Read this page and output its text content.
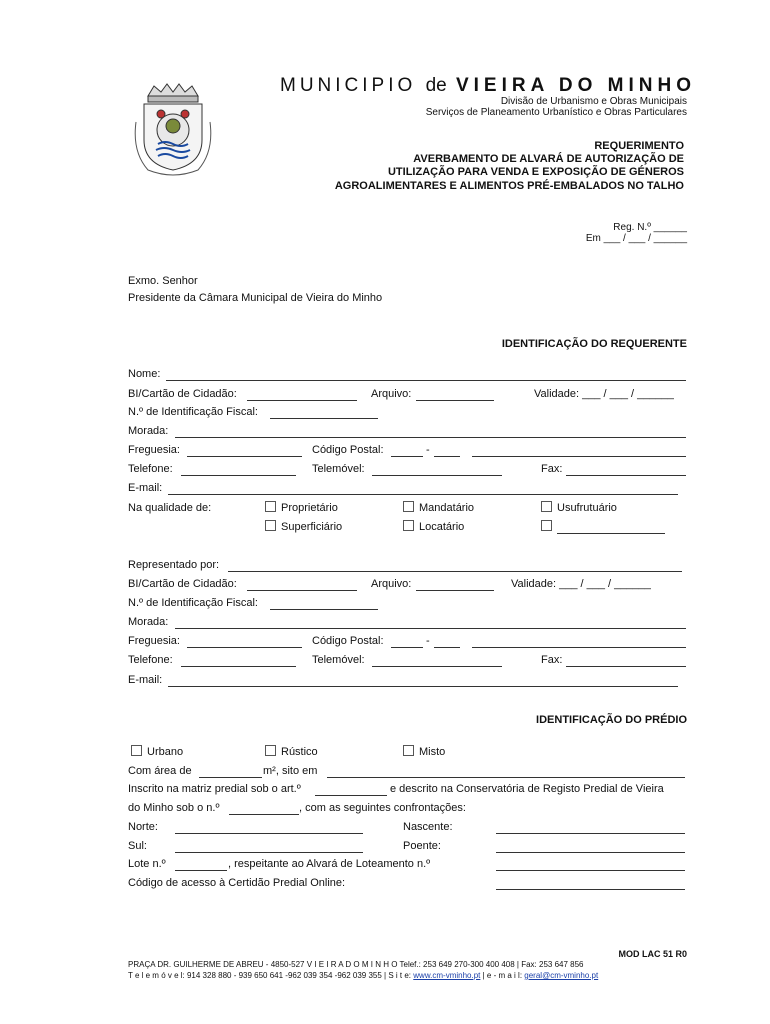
MUNICIPIO de VIEIRA DO MINHO
Divisão de Urbanismo e Obras Municipais
Serviços de Planeamento Urbanístico e Obras Particulares
REQUERIMENTO
AVERBAMENTO DE ALVARÁ DE AUTORIZAÇÃO DE
UTILIZAÇÃO PARA VENDA E EXPOSIÇÃO DE GÉNEROS
AGROALIMENTARES E ALIMENTOS PRÉ-EMBALADOS NO TALHO
Reg. N.º ______
Em ___ / ___ / ______
Exmo. Senhor
Presidente da Câmara Municipal de Vieira do Minho
IDENTIFICAÇÃO DO REQUERENTE
Nome:
BI/Cartão de Cidadão:	Arquivo:	Validade: ___ / ___ / ______
N.º de Identificação Fiscal:
Morada:
Freguesia:	Código Postal:	-
Telefone:	Telemóvel:	Fax:
E-mail:
Na qualidade de:	Proprietário	Mandatário	Usufrutuário
Superficiário	Locatário
Representado por:
BI/Cartão de Cidadão:	Arquivo:	Validade: ___ / ___ / ______
N.º de Identificação Fiscal:
Morada:
Freguesia:	Código Postal:	-
Telefone:	Telemóvel:	Fax:
E-mail:
IDENTIFICAÇÃO DO PRÉDIO
Urbano	Rústico	Misto
Com área de	m², sito em
Inscrito na matriz predial sob o art.º	e descrito na Conservatória de Registo Predial de Vieira
do Minho sob o n.º	, com as seguintes confrontações:
Norte:	Nascente:
Sul:	Poente:
Lote n.º	, respeitante ao Alvará de Loteamento n.º
Código de acesso à Certidão Predial Online:
MOD LAC 51 R0
PRAÇA DR. GUILHERME DE ABREU - 4850-527 V I E I R A D O M I N H O Telef.: 253 649 270-300 400 408 | Fax: 253 647 856
T e l e m ó v e l: 914 328 880 - 939 650 641 -962 039 354 -962 039 355 | S i t e: www.cm-vminho.pt | e - m a i l: geral@cm-vminho.pt
